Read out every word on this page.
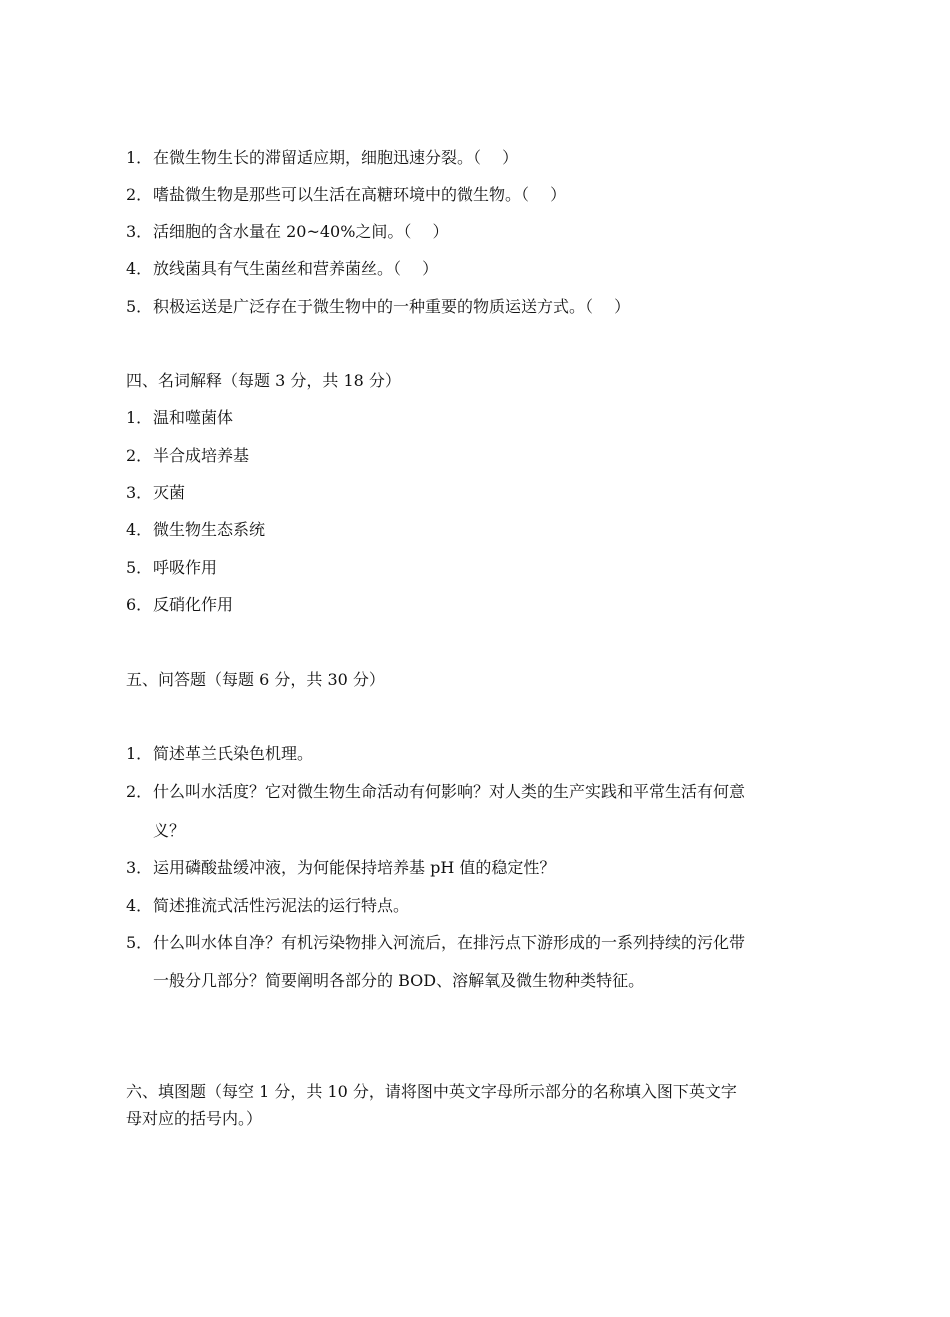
1．在微生物生长的滞留适应期，细胞迅速分裂。（　 ）
2．嗜盐微生物是那些可以生活在高糖环境中的微生物。（　 ）
3．活细胞的含水量在 20~40%之间。（　 ）
4．放线菌具有气生菌丝和营养菌丝。（　 ）
5．积极运送是广泛存在于微生物中的一种重要的物质运送方式。（　 ）
四、名词解释（每题 3 分，共 18 分）
1．温和噬菌体
2．半合成培养基
3．灭菌
4．微生物生态系统
5．呼吸作用
6．反硝化作用
五、问答题（每题 6 分，共 30 分）
1．简述革兰氏染色机理。
2．什么叫水活度？它对微生物生命活动有何影响？对人类的生产实践和平常生活有何意
义？
3．运用磷酸盐缓冲液，为何能保持培养基 pH 值的稳定性？
4．简述推流式活性污泥法的运行特点。
5．什么叫水体自净？有机污染物排入河流后，在排污点下游形成的一系列持续的污化带
一般分几部分？简要阐明各部分的 BOD、溶解氧及微生物种类特征。
六、填图题（每空 1 分，共 10 分，请将图中英文字母所示部分的名称填入图下英文字
母对应的括号内。）
